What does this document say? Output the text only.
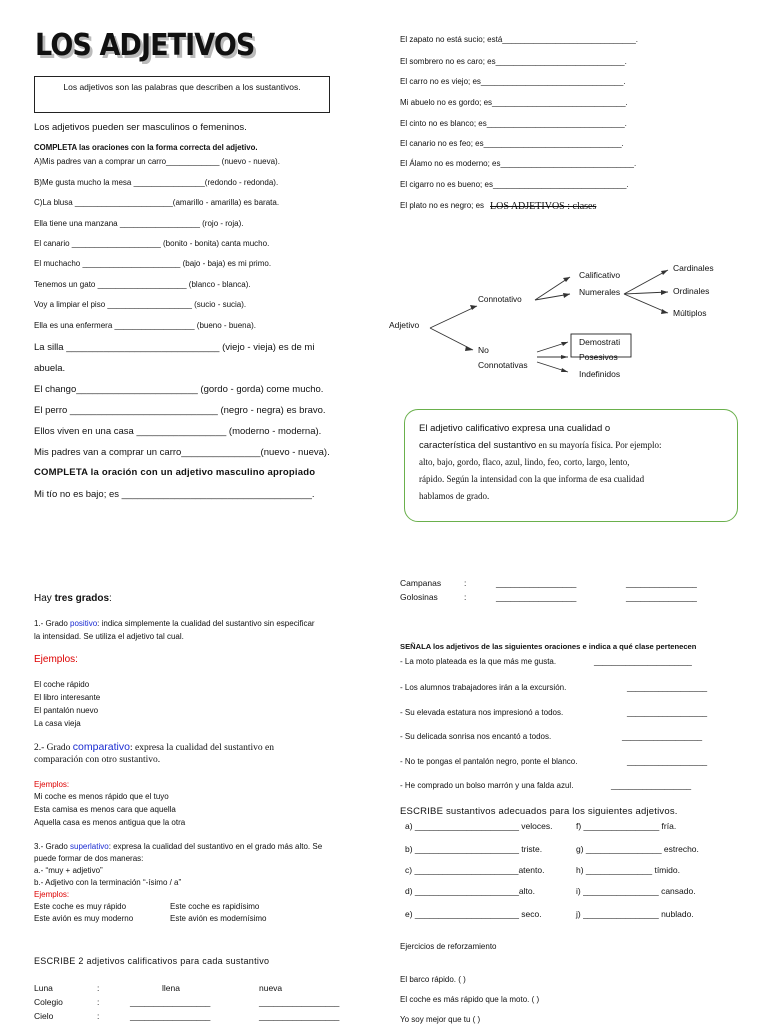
LOS ADJETIVOS
Los adjetivos son las palabras que describen a los sustantivos.
Los adjetivos pueden ser masculinos o femeninos.
COMPLETA las oraciones con la forma correcta del adjetivo.
A)Mis padres van a comprar un carro____________ (nuevo - nueva).
B)Me gusta mucho la mesa ________________(redondo - redonda).
C)La blusa ______________________(amarillo - amarilla) es barata.
Ella tiene una manzana __________________ (rojo - roja).
El canario ____________________ (bonito - bonita) canta mucho.
El muchacho ______________________ (bajo - baja) es mi primo.
Tenemos un gato ____________________ (blanco - blanca).
Voy a limpiar el piso ___________________ (sucio - sucia).
Ella es una enfermera __________________ (bueno - buena).
La silla _____________________________ (viejo - vieja) es de mi
abuela.
El chango_______________________ (gordo - gorda) come mucho.
El perro ____________________________ (negro - negra) es bravo.
Ellos viven en una casa _________________ (moderno - moderna).
Mis padres van a comprar un carro_______________(nuevo - nueva).
COMPLETA la oración con un adjetivo masculino apropiado
Mi tío no es bajo; es ____________________________________.
El zapato no está sucio; está______________________________.
El sombrero no es caro; es_____________________________.
El carro no es viejo; es________________________________.
Mi abuelo no es gordo; es______________________________.
El cinto no es blanco; es_______________________________.
El canario no es feo; es_______________________________.
El Álamo no es moderno; es______________________________.
El cigarro no es bueno; es______________________________.
El plato no es negro; es LOS ADJETIVOS : clases
Adjetivo
Connotativo
No
Connotativas
Calificativo
Numerales
Cardinales
Ordinales
Múltiplos
Demostrati
Posesivos
Indefinidos
El adjetivo calificativo expresa una cualidad o
característica del sustantivo en su mayoría física. Por ejemplo:
alto, bajo, gordo, flaco, azul, lindo, feo, corto, largo, lento,
rápido. Según la intensidad con la que informa de esa cualidad
hablamos de grado.
Hay tres grados:
1.- Grado positivo: indica simplemente la cualidad del sustantivo sin especificar
la intensidad. Se utiliza el adjetivo tal cual.
Ejemplos:
El coche rápido
El libro interesante
El pantalón nuevo
La casa vieja
2.- Grado comparativo: expresa la cualidad del sustantivo en
comparación con otro sustantivo.
Ejemplos:
Mi coche es menos rápido que el tuyo
Esta camisa es menos cara que aquella
Aquella casa es menos antigua que la otra
3.- Grado superlativo: expresa la cualidad del sustantivo en el grado más alto. Se
puede formar de dos maneras:
a.- “muy + adjetivo”
b.- Adjetivo con la terminación “-ísimo / a”
Ejemplos:
Este coche es muy rápido	Este coche es rapidísimo
Este avión es muy moderno	Este avión es modernísimo
ESCRIBE 2 adjetivos calificativos para cada sustantivo
Luna	:	llena	nueva
Colegio	:	_________________	_________________
Cielo	:	_________________	_________________
Campanas	:	_________________	_______________
Golosinas	:	_________________	_______________
SEÑALA los adjetivos de las siguientes oraciones e indica a qué clase pertenecen
- La moto plateada es la que más me gusta.	______________________
- Los alumnos trabajadores irán a la excursión.	__________________
- Su elevada estatura nos impresionó a todos.	__________________
- Su delicada sonrisa nos encantó a todos.	__________________
- No te pongas el pantalón negro, ponte el blanco.	__________________
- He comprado un bolso marrón y una falda azul.	__________________
ESCRIBE sustantivos adecuados para los siguientes adjetivos.
a) ______________________ veloces.	f) ________________ fría.
b) ______________________ triste.	g) ________________ estrecho.
c) ______________________atento.	h) ______________ tímido.
d) ______________________alto.	i) ________________ cansado.
e) ______________________ seco.	j) ________________ nublado.
Ejercicios de reforzamiento
El barco rápido. ( )
El coche es más rápido que la moto. ( )
Yo soy mejor que tu ( )
